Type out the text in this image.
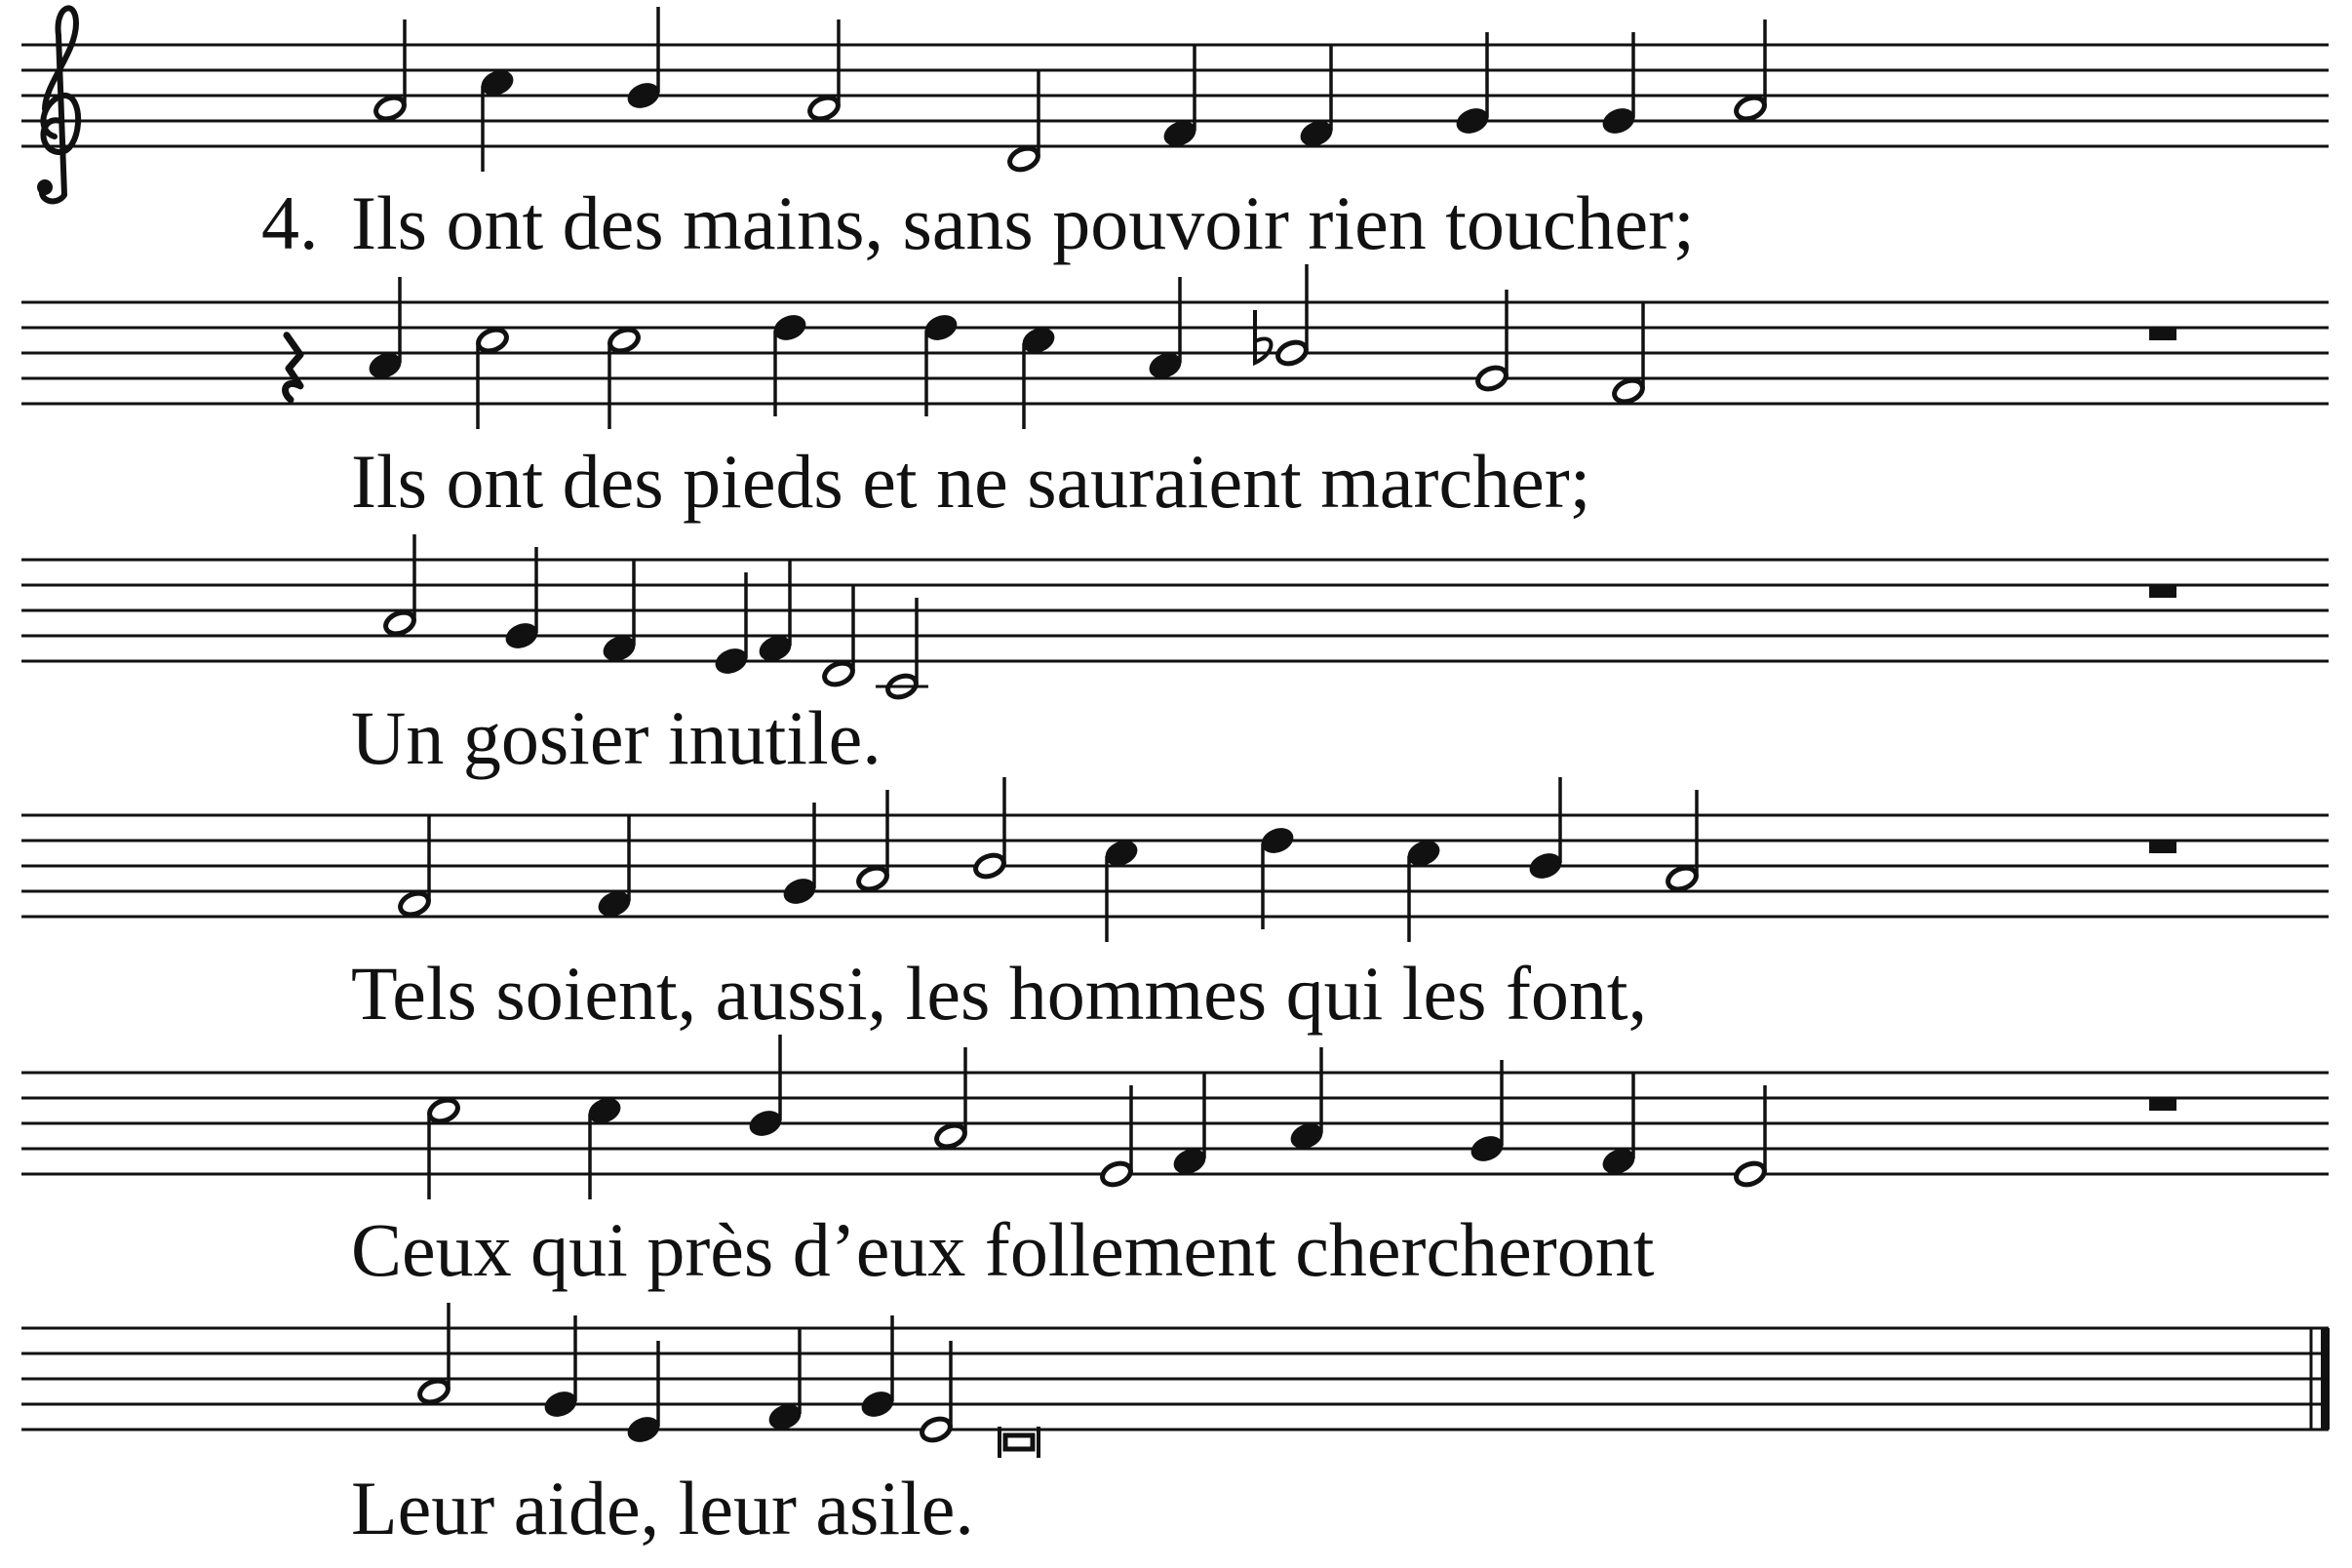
Ils ont des mains, sans pouvoir rien toucher;
Ils ont des pieds et ne sauraient marcher;
Un gosier inutile.
Tels soient, aussi, les hommes qui les font,
Ceux qui près d’eux follement chercheront
Leur aide, leur asile.
4.
